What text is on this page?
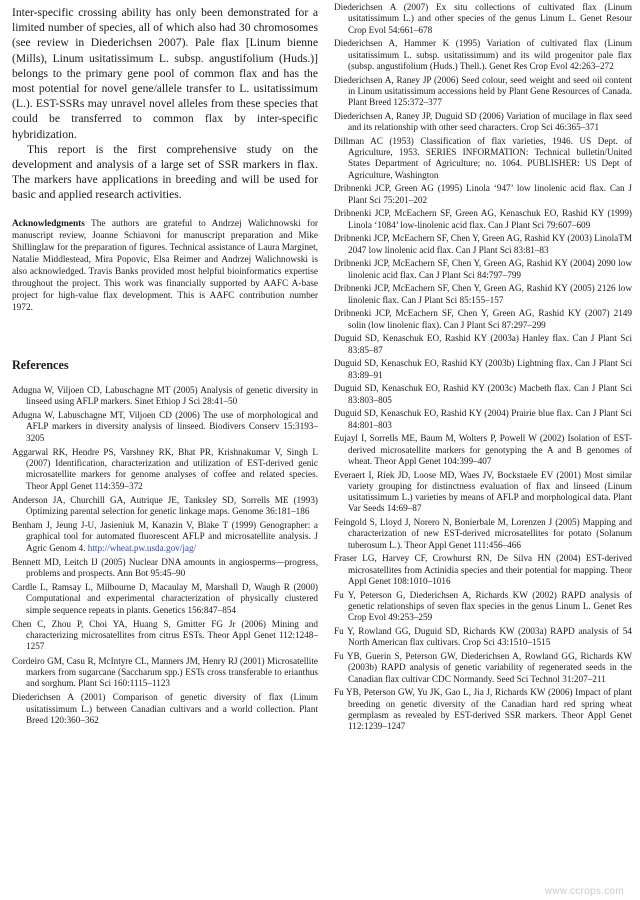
Inter-specific crossing ability has only been demonstrated for a limited number of species, all of which also had 30 chromosomes (see review in Diederichsen 2007). Pale flax [Linum bienne (Mills), Linum usitatissimum L. subsp. angustifolium (Huds.)] belongs to the primary gene pool of common flax and has the most potential for novel gene/allele transfer to L. usitatissimum (L.). EST-SSRs may unravel novel alleles from these species that could be transferred to common flax by inter-specific hybridization.

This report is the first comprehensive study on the development and analysis of a large set of SSR markers in flax. The markers have applications in breeding and will be used for basic and applied research activities.

Acknowledgments The authors are grateful to Andrzej Walichnowski for manuscript review, Joanne Schiavoni for manuscript preparation and Mike Shillinglaw for the preparation of figures. Technical assistance of Laura Marginet, Natalie Middlestead, Mira Popovic, Elsa Reimer and Andrzej Walichnowski is also acknowledged. Travis Banks provided most helpful bioinformatics expertise throughout the project. This work was financially supported by AAFC A-base project for high-value flax development. This is AAFC contribution number 1972.

References
Adugna W, Viljoen CD, Labuschagne MT (2005) Analysis of genetic diversity in linseed using AFLP markers. Sinet Ethiop J Sci 28:41–50
Adugna W, Labuschagne MT, Viljoen CD (2006) The use of morphological and AFLP markers in diversity analysis of linseed. Biodivers Conserv 15:3193–3205
Aggarwal RK, Hendre PS, Varshney RK, Bhat PR, Krishnakumar V, Singh L (2007) Identification, characterization and utilization of EST-derived genic microsatellite markers for genome analyses of coffee and related species. Theor Appl Genet 114:359–372
Anderson JA, Churchill GA, Autrique JE, Tanksley SD, Sorrells ME (1993) Optimizing parental selection for genetic linkage maps. Genome 36:181–186
Benham J, Jeung J-U, Jasieniuk M, Kanazin V, Blake T (1999) Genographer: a graphical tool for automated fluorescent AFLP and microsatellite analysis. J Agric Genom 4. http://wheat.pw.usda.gov/jag/
Bennett MD, Leitch IJ (2005) Nuclear DNA amounts in angiosperms—progress, problems and prospects. Ann Bot 95:45–90
Cardle L, Ramsay L, Milbourne D, Macaulay M, Marshall D, Waugh R (2000) Computational and experimental characterization of physically clustered simple sequence repeats in plants. Genetics 156:847–854
Chen C, Zhou P, Choi YA, Huang S, Gmitter FG Jr (2006) Mining and characterizing microsatellites from citrus ESTs. Theor Appl Genet 112:1248–1257
Cordeiro GM, Casu R, McIntyre CL, Manners JM, Henry RJ (2001) Microsatellite markers from sugarcane (Saccharum spp.) ESTs cross transferable to erianthus and sorghum. Plant Sci 160:1115–1123
Diederichsen A (2001) Comparison of genetic diversity of flax (Linum usitatissimum L.) between Canadian cultivars and a world collection. Plant Breed 120:360–362
Diederichsen A (2007) Ex situ collections of cultivated flax (Linum usitatissimum L.) and other species of the genus Linum L. Genet Resour Crop Evol 54:661–678
Diederichsen A, Hammer K (1995) Variation of cultivated flax (Linum usitatissimum L. subsp. usitatissimum) and its wild progenitor pale flax (subsp. angustifolium (Huds.) Thell.). Genet Res Crop Evol 42:263–272
Diederichsen A, Raney JP (2006) Seed colour, seed weight and seed oil content in Linum usitatissimum accessions held by Plant Gene Resources of Canada. Plant Breed 125:372–377
Diederichsen A, Raney JP, Duguid SD (2006) Variation of mucilage in flax seed and its relationship with other seed characters. Crop Sci 46:365–371
Dillman AC (1953) Classification of flax varieties, 1946. US Dept. of Agriculture, 1953. SERIES INFORMATION: Technical bulletin/United States Department of Agriculture; no. 1064. PUBLISHER: US Dept of Agriculture, Washington
Dribnenki JCP, Green AG (1995) Linola ‘947’ low linolenic acid flax. Can J Plant Sci 75:201–202
Dribnenki JCP, McEachern SF, Green AG, Kenaschuk EO, Rashid KY (1999) Linola ‘1084’ low-linolenic acid flax. Can J Plant Sci 79:607–609
Dribnenki JCP, McEachern SF, Chen Y, Green AG, Rashid KY (2003) LinolaTM 2047 low linolenic acid flax. Can J Plant Sci 83:81–83
Dribnenki JCP, McEachern SF, Chen Y, Green AG, Rashid KY (2004) 2090 low linolenic acid flax. Can J Plant Sci 84:797–799
Dribnenki JCP, McEachern SF, Chen Y, Green AG, Rashid KY (2005) 2126 low linolenic flax. Can J Plant Sci 85:155–157
Dribnenki JCP, McEachern SF, Chen Y, Green AG, Rashid KY (2007) 2149 solin (low linolenic flax). Can J Plant Sci 87:297–299
Duguid SD, Kenaschuk EO, Rashid KY (2003a) Hanley flax. Can J Plant Sci 83:85–87
Duguid SD, Kenaschuk EO, Rashid KY (2003b) Lightning flax. Can J Plant Sci 83:89–91
Duguid SD, Kenaschuk EO, Rashid KY (2003c) Macbeth flax. Can J Plant Sci 83:803–805
Duguid SD, Kenaschuk EO, Rashid KY (2004) Prairie blue flax. Can J Plant Sci 84:801–803
Eujayl I, Sorrells ME, Baum M, Wolters P, Powell W (2002) Isolation of EST-derived microsatellite markers for genotyping the A and B genomes of wheat. Theor Appl Genet 104:399–407
Everaert I, Riek JD, Loose MD, Waes JV, Bockstaele EV (2001) Most similar variety grouping for distinctness evaluation of flax and linseed (Linum usitatissimum L.) varieties by means of AFLP and morphological data. Plant Var Seeds 14:69–87
Feingold S, Lloyd J, Norero N, Bonierbale M, Lorenzen J (2005) Mapping and characterization of new EST-derived microsatellites for potato (Solanum tuberosum L.). Theor Appl Genet 111:456–466
Fraser LG, Harvey CF, Crowhurst RN, De Silva HN (2004) EST-derived microsatellites from Actinidia species and their potential for mapping. Theor Appl Genet 108:1010–1016
Fu Y, Peterson G, Diederichsen A, Richards KW (2002) RAPD analysis of genetic relationships of seven flax species in the genus Linum L. Genet Res Crop Evol 49:253–259
Fu Y, Rowland GG, Duguid SD, Richards KW (2003a) RAPD analysis of 54 North American flax cultivars. Crop Sci 43:1510–1515
Fu YB, Guerin S, Peterson GW, Diederichsen A, Rowland GG, Richards KW (2003b) RAPD analysis of genetic variability of regenerated seeds in the Canadian flax cultivar CDC Normandy. Seed Sci Technol 31:207–211
Fu YB, Peterson GW, Yu JK, Gao L, Jia J, Richards KW (2006) Impact of plant breeding on genetic diversity of the Canadian hard red spring wheat germplasm as revealed by EST-derived SSR markers. Theor Appl Genet 112:1239–1247
www.ccrops.com
